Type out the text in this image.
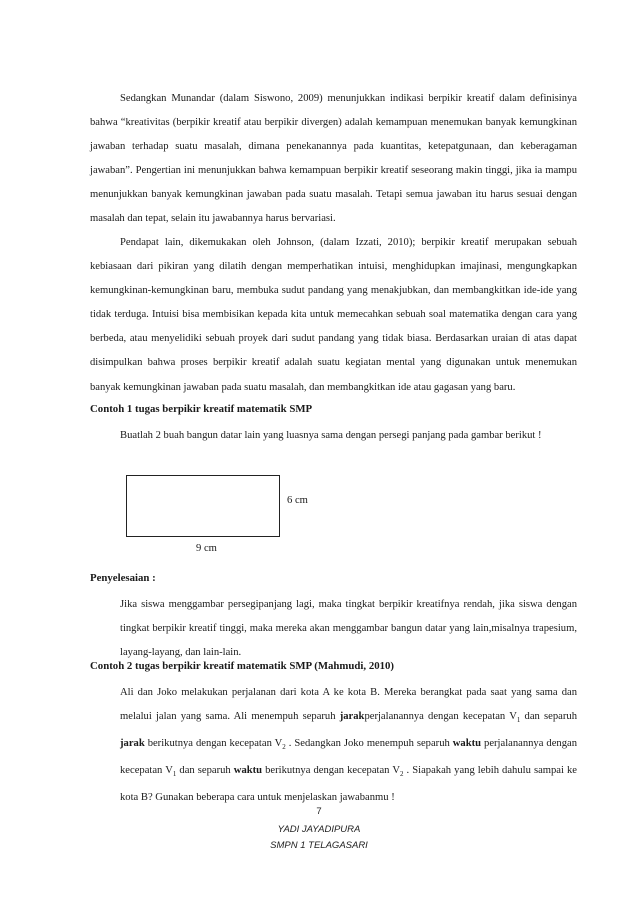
Sedangkan Munandar (dalam Siswono, 2009) menunjukkan indikasi berpikir kreatif dalam definisinya bahwa “kreativitas (berpikir kreatif atau berpikir divergen) adalah kemampuan menemukan banyak kemungkinan jawaban terhadap suatu masalah, dimana penekanannya pada kuantitas, ketepatgunaan, dan keberagaman jawaban”. Pengertian ini menunjukkan bahwa kemampuan berpikir kreatif seseorang makin tinggi, jika ia mampu menunjukkan banyak kemungkinan jawaban pada suatu masalah. Tetapi semua jawaban itu harus sesuai dengan masalah dan tepat, selain itu jawabannya harus bervariasi.

Pendapat lain, dikemukakan oleh Johnson, (dalam Izzati, 2010); berpikir kreatif merupakan sebuah kebiasaan dari pikiran yang dilatih dengan memperhatikan intuisi, menghidupkan imajinasi, mengungkapkan kemungkinan-kemungkinan baru, membuka sudut pandang yang menakjubkan, dan membangkitkan ide-ide yang tidak terduga. Intuisi bisa membisikan kepada kita untuk memecahkan sebuah soal matematika dengan cara yang berbeda, atau menyelidiki sebuah proyek dari sudut pandang yang tidak biasa. Berdasarkan uraian di atas dapat disimpulkan bahwa proses berpikir kreatif adalah suatu kegiatan mental yang digunakan untuk menemukan banyak kemungkinan jawaban pada suatu masalah, dan membangkitkan ide atau gagasan yang baru.

Contoh 1 tugas berpikir kreatif matematik SMP

Buatlah 2 buah bangun datar lain yang luasnya sama dengan persegi panjang pada gambar berikut !

6 cm
9 cm

Penyelesaian :

Jika siswa menggambar persegipanjang lagi, maka tingkat berpikir kreatifnya rendah, jika siswa dengan tingkat berpikir kreatif tinggi, maka mereka akan menggambar bangun datar yang lain,misalnya trapesium, layang-layang, dan lain-lain.

Contoh 2 tugas berpikir kreatif matematik SMP (Mahmudi, 2010)

Ali dan Joko melakukan perjalanan dari kota A ke kota B. Mereka berangkat pada saat yang sama dan melalui jalan yang sama. Ali menempuh separuh jarakperjalanannya dengan kecepatan $V_1$ dan separuh jarak berikutnya dengan kecepatan $V_2$ . Sedangkan Joko menempuh separuh waktu perjalanannya dengan kecepatan $V_1$ dan separuh waktu berikutnya dengan kecepatan $V_2$ . Siapakah yang lebih dahulu sampai ke kota B? Gunakan beberapa cara untuk menjelaskan jawabanmu !

7
YADI JAYADIPURA
SMPN 1 TELAGASARI
